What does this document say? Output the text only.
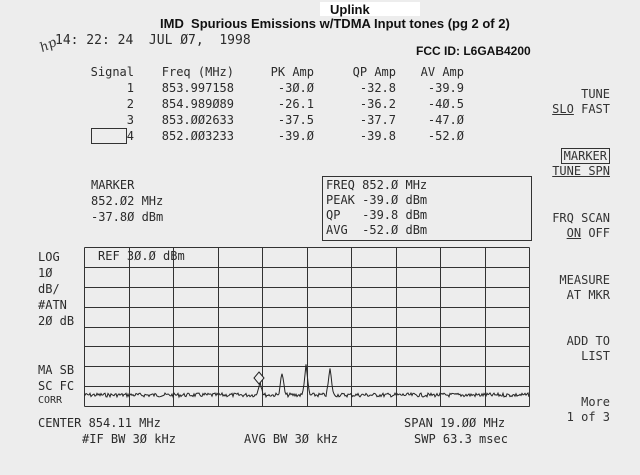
Uplink
IMD  Spurious Emissions w/TDMA Input tones (pg 2 of 2)
hp
14: 22: 24  JUL Ø7,  1998
FCC ID: L6GAB4200
Signal	Freq (MHz)	PK Amp	QP Amp	AV Amp
1	853.997158	-3Ø.Ø	-32.8	-39.9
2	854.989Ø89	-26.1	-36.2	-4Ø.5
3	853.ØØ2633	-37.5	-37.7	-47.Ø
4	852.ØØ3233	-39.Ø	-39.8	-52.Ø
MARKER
852.Ø2 MHz
-37.8Ø dBm
FREQ 852.Ø MHz
PEAK -39.Ø dBm
QP   -39.8 dBm
AVG  -52.Ø dBm
LOG
1Ø
dB/
#ATN
2Ø dB
MA SB
SC FC
CORR
REF 3Ø.Ø dBm
CENTER 854.11 MHz	SPAN 19.ØØ MHz
#IF BW 3Ø kHz	AVG BW 3Ø kHz	SWP 63.3 msec

TUNE
SLO FAST

MARKER
TUNE SPN

FRQ SCAN
ON OFF

MEASURE
AT MKR

ADD TO
LIST

More
1 of 3
